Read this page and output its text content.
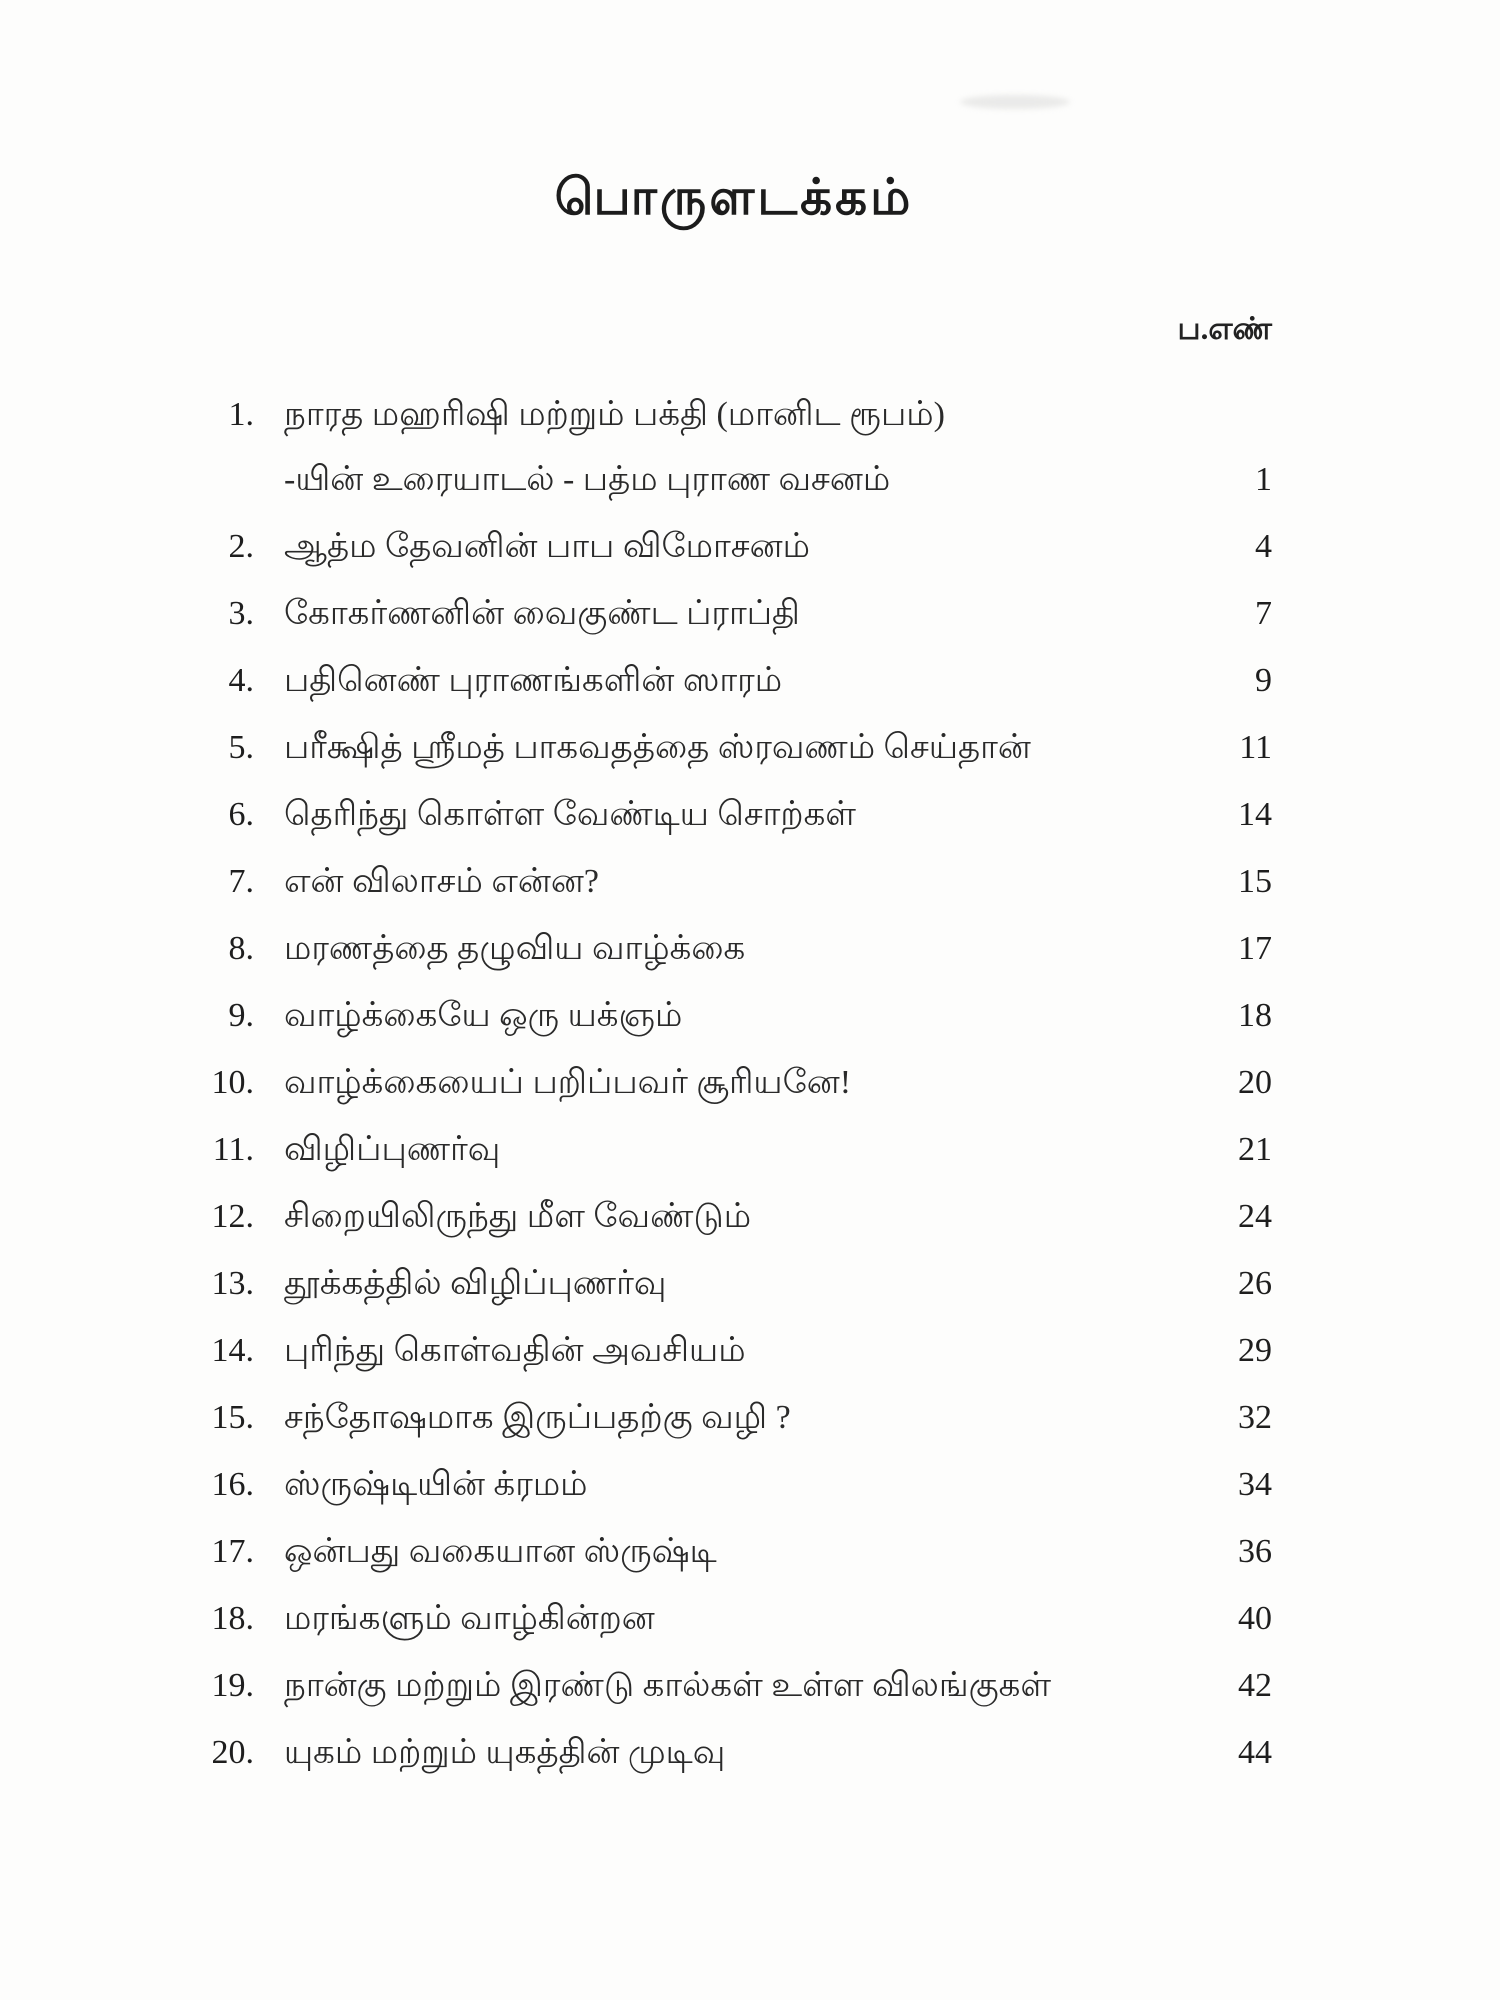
பொருளடக்கம்
ப.எண்
1. நாரத மஹரிஷி மற்றும் பக்தி (மானிட ரூபம்)
-யின் உரையாடல் - பத்ம புராண வசனம்	1
2. ஆத்ம தேவனின் பாப விமோசனம்	4
3. கோகர்ணனின் வைகுண்ட ப்ராப்தி	7
4. பதினெண் புராணங்களின் ஸாரம்	9
5. பரீக்ஷித் ஸ்ரீமத் பாகவதத்தை ஸ்ரவணம் செய்தான்	11
6. தெரிந்து கொள்ள வேண்டிய சொற்கள்	14
7. என் விலாசம் என்ன?	15
8. மரணத்தை தழுவிய வாழ்க்கை	17
9. வாழ்க்கையே ஒரு யக்ஞம்	18
10. வாழ்க்கையைப் பறிப்பவர் சூரியனே!	20
11. விழிப்புணர்வு	21
12. சிறையிலிருந்து மீள வேண்டும்	24
13. தூக்கத்தில் விழிப்புணர்வு	26
14. புரிந்து கொள்வதின் அவசியம்	29
15. சந்தோஷமாக இருப்பதற்கு வழி ?	32
16. ஸ்ருஷ்டியின் க்ரமம்	34
17. ஒன்பது வகையான ஸ்ருஷ்டி	36
18. மரங்களும் வாழ்கின்றன	40
19. நான்கு மற்றும் இரண்டு கால்கள் உள்ள விலங்குகள்	42
20. யுகம் மற்றும் யுகத்தின் முடிவு	44
